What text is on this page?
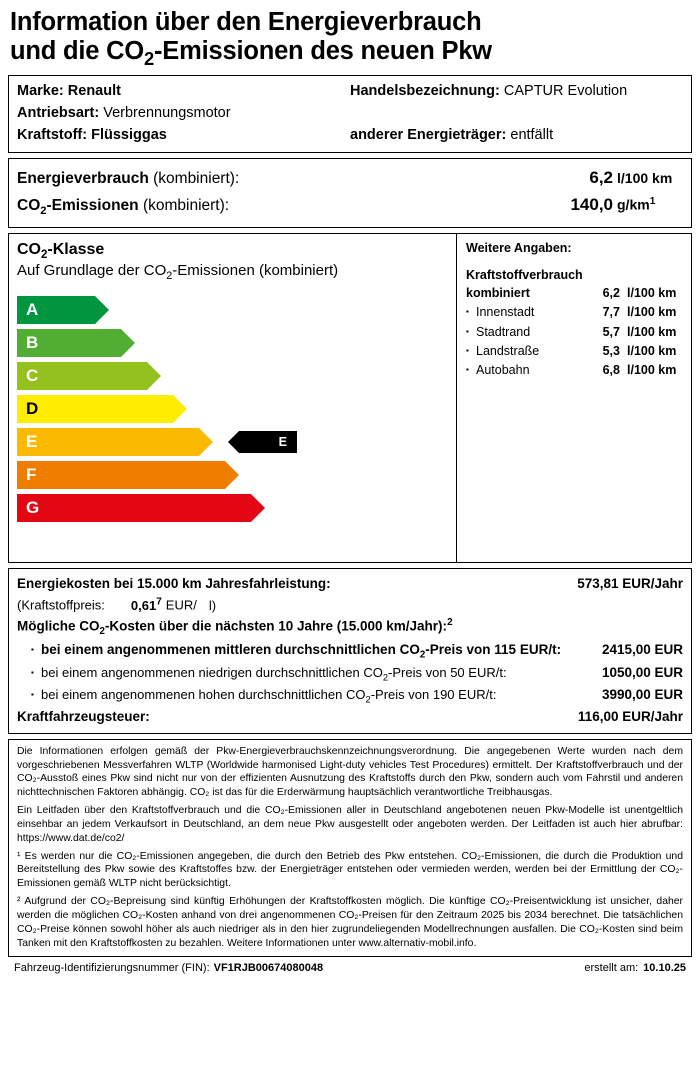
Information über den Energieverbrauch
und die $CO_2$-Emissionen des neuen Pkw
Marke: Renault	Handelsbezeichnung: CAPTUR Evolution
Antriebsart: Verbrennungsmotor
Kraftstoff: Flüssiggas	anderer Energieträger: entfällt
Energieverbrauch (kombiniert):	6,2 l/100 km
$CO_2$-Emissionen (kombiniert):	140,0 $g/km^1$
$CO_2$-Klasse

Auf Grundlage der $CO_2$-Emissionen (kombiniert)

A
B
C
D
E	E
F
G
Weitere Angaben:
Kraftstoffverbrauch
kombiniert	6,2 l/100 km
▪Innenstadt	7,7 l/100 km
▪Stadtrand	5,7 l/100 km
▪Landstraße	5,3 l/100 km
▪Autobahn	6,8 l/100 km
Energiekosten bei 15.000 km Jahresfahrleistung:	573,81 EUR/Jahr
(Kraftstoffpreis: 0,61$^7$ EUR/ l)
Mögliche $CO_2$-Kosten über die nächsten 10 Jahre (15.000 km/Jahr):$^2$
▪bei einem angenommenen mittleren durchschnittlichen $CO_2$-Preis von 115 EUR/t:	2415,00 EUR
▪bei einem angenommenen niedrigen durchschnittlichen $CO_2$-Preis von 50 EUR/t:	1050,00 EUR
▪bei einem angenommenen hohen durchschnittlichen $CO_2$-Preis von 190 EUR/t:	3990,00 EUR
Kraftfahrzeugsteuer:	116,00 EUR/Jahr

Die Informationen erfolgen gemäß der Pkw-Energieverbrauchskennzeichnungsverordnung. Die angegebenen Werte wurden nach dem vorgeschriebenen Messverfahren WLTP (Worldwide harmonised Light-duty vehicles Test Procedures) ermittelt. Der Kraftstoffverbrauch und der CO₂-Ausstoß eines Pkw sind nicht nur von der effizienten Ausnutzung des Kraftstoffs durch den Pkw, sondern auch vom Fahrstil und anderen nichttechnischen Faktoren abhängig. CO₂ ist das für die Erderwärmung hauptsächlich verantwortliche Treibhausgas.

Ein Leitfaden über den Kraftstoffverbrauch und die CO₂-Emissionen aller in Deutschland angebotenen neuen Pkw-Modelle ist unentgeltlich einsehbar an jedem Verkaufsort in Deutschland, an dem neue Pkw ausgestellt oder angeboten werden. Der Leitfaden ist auch hier abrufbar: https://www.dat.de/co2/

¹ Es werden nur die CO₂-Emissionen angegeben, die durch den Betrieb des Pkw entstehen. CO₂-Emissionen, die durch die Produktion und Bereitstellung des Pkw sowie des Kraftstoffes bzw. der Energieträger entstehen oder vermieden werden, werden bei der Ermittlung der CO₂-Emissionen gemäß WLTP nicht berücksichtigt.

² Aufgrund der CO₂-Bepreisung sind künftig Erhöhungen der Kraftstoffkosten möglich. Die künftige CO₂-Preisentwicklung ist unsicher, daher werden die möglichen CO₂-Kosten anhand von drei angenommenen CO₂-Preisen für den Zeitraum 2025 bis 2034 berechnet. Die tatsächlichen CO₂-Preise können sowohl höher als auch niedriger als in den hier zugrundeliegenden Modellrechnungen ausfallen. Die CO₂-Kosten sind beim Tanken mit den Kraftstoffkosten zu bezahlen. Weitere Informationen unter www.alternativ-mobil.info.

Fahrzeug-Identifizierungsnummer (FIN): VF1RJB00674080048	erstellt am: 10.10.25
